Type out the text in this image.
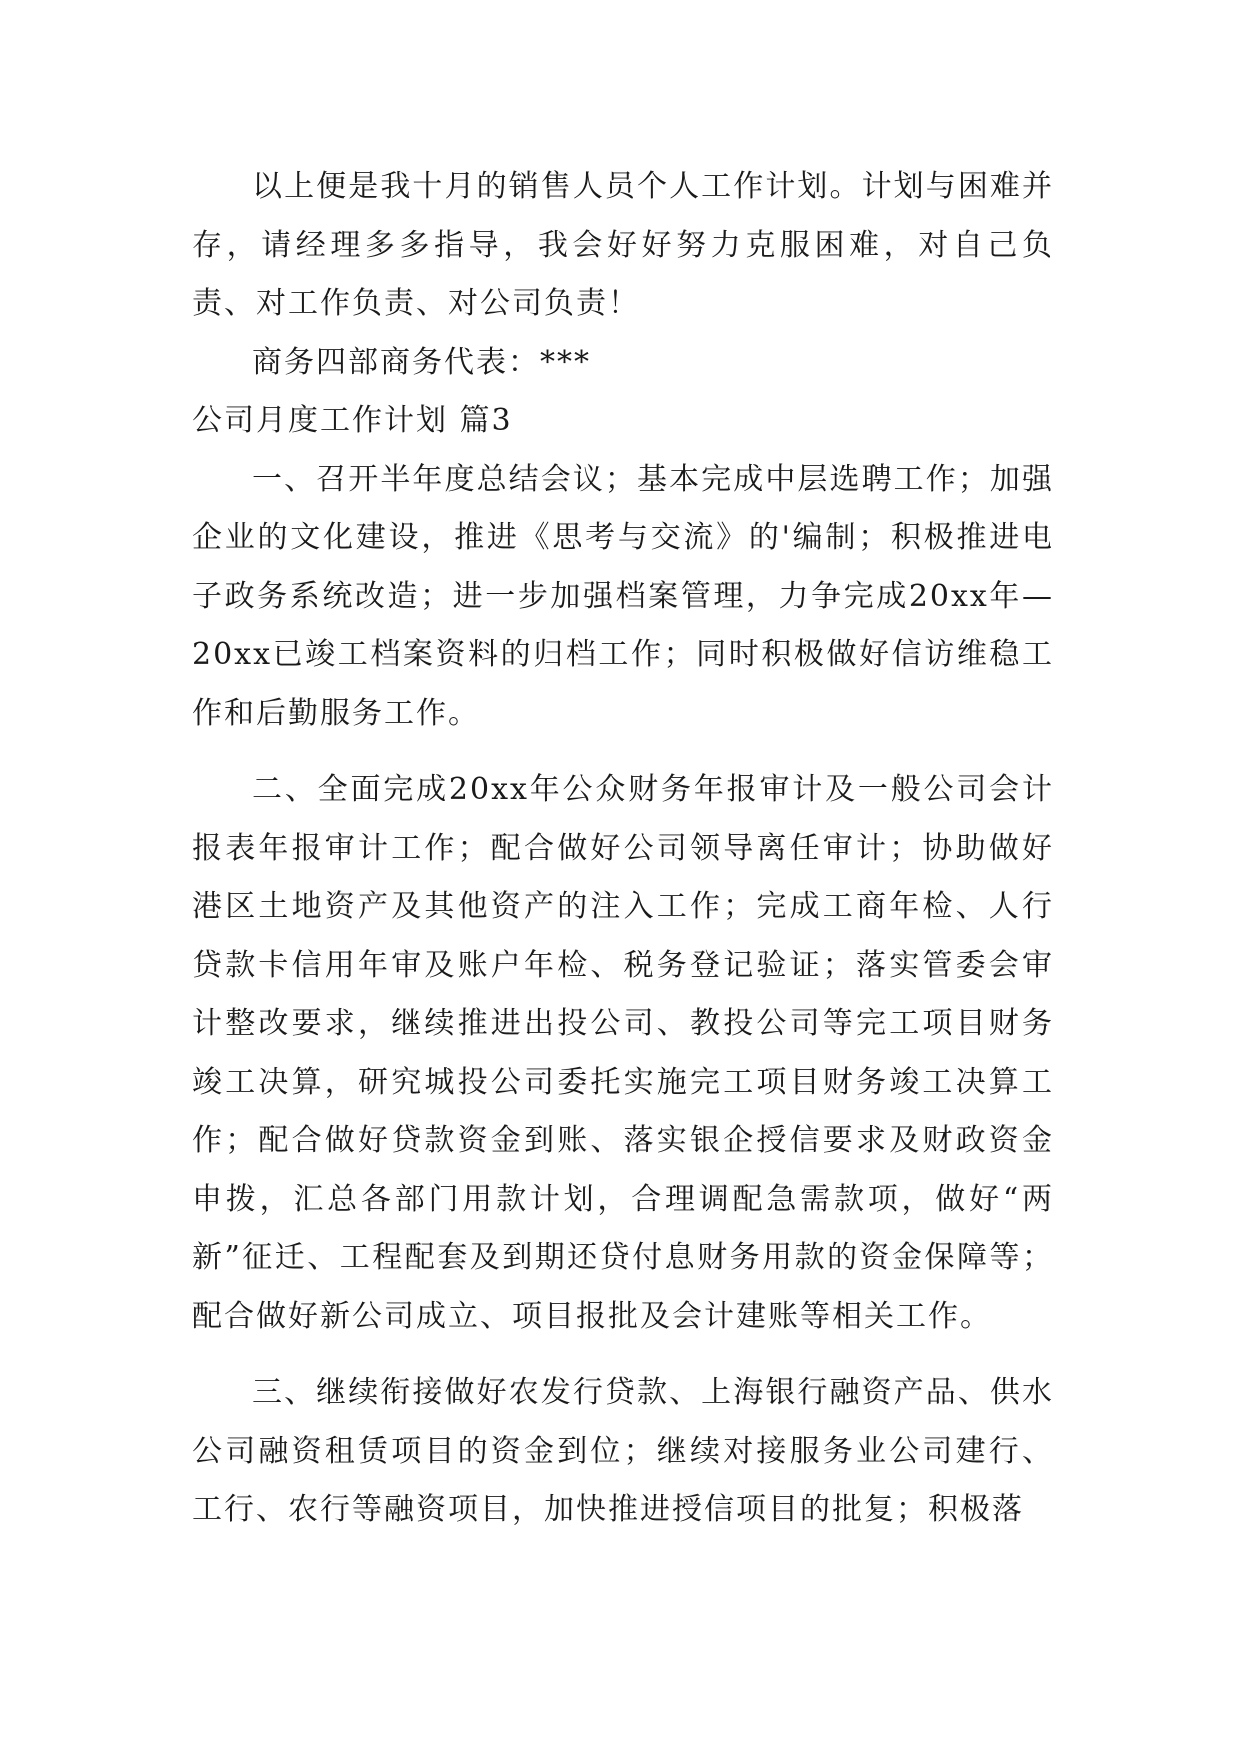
以上便是我十月的销售人员个人工作计划。计划与困难并存，请经理多多指导，我会好好努力克服困难，对自己负责、对工作负责、对公司负责！

商务四部商务代表：***

公司月度工作计划 篇3

一、召开半年度总结会议；基本完成中层选聘工作；加强企业的文化建设，推进《思考与交流》的'编制；积极推进电子政务系统改造；进一步加强档案管理，力争完成20xx年—20xx已竣工档案资料的归档工作；同时积极做好信访维稳工作和后勤服务工作。

二、全面完成20xx年公众财务年报审计及一般公司会计报表年报审计工作；配合做好公司领导离任审计；协助做好港区土地资产及其他资产的注入工作；完成工商年检、人行贷款卡信用年审及账户年检、税务登记验证；落实管委会审计整改要求，继续推进出投公司、教投公司等完工项目财务竣工决算，研究城投公司委托实施完工项目财务竣工决算工作；配合做好贷款资金到账、落实银企授信要求及财政资金申拨，汇总各部门用款计划，合理调配急需款项，做好“两新”征迁、工程配套及到期还贷付息财务用款的资金保障等；配合做好新公司成立、项目报批及会计建账等相关工作。

三、继续衔接做好农发行贷款、上海银行融资产品、供水公司融资租赁项目的资金到位；继续对接服务业公司建行、工行、农行等融资项目，加快推进授信项目的批复；积极落
